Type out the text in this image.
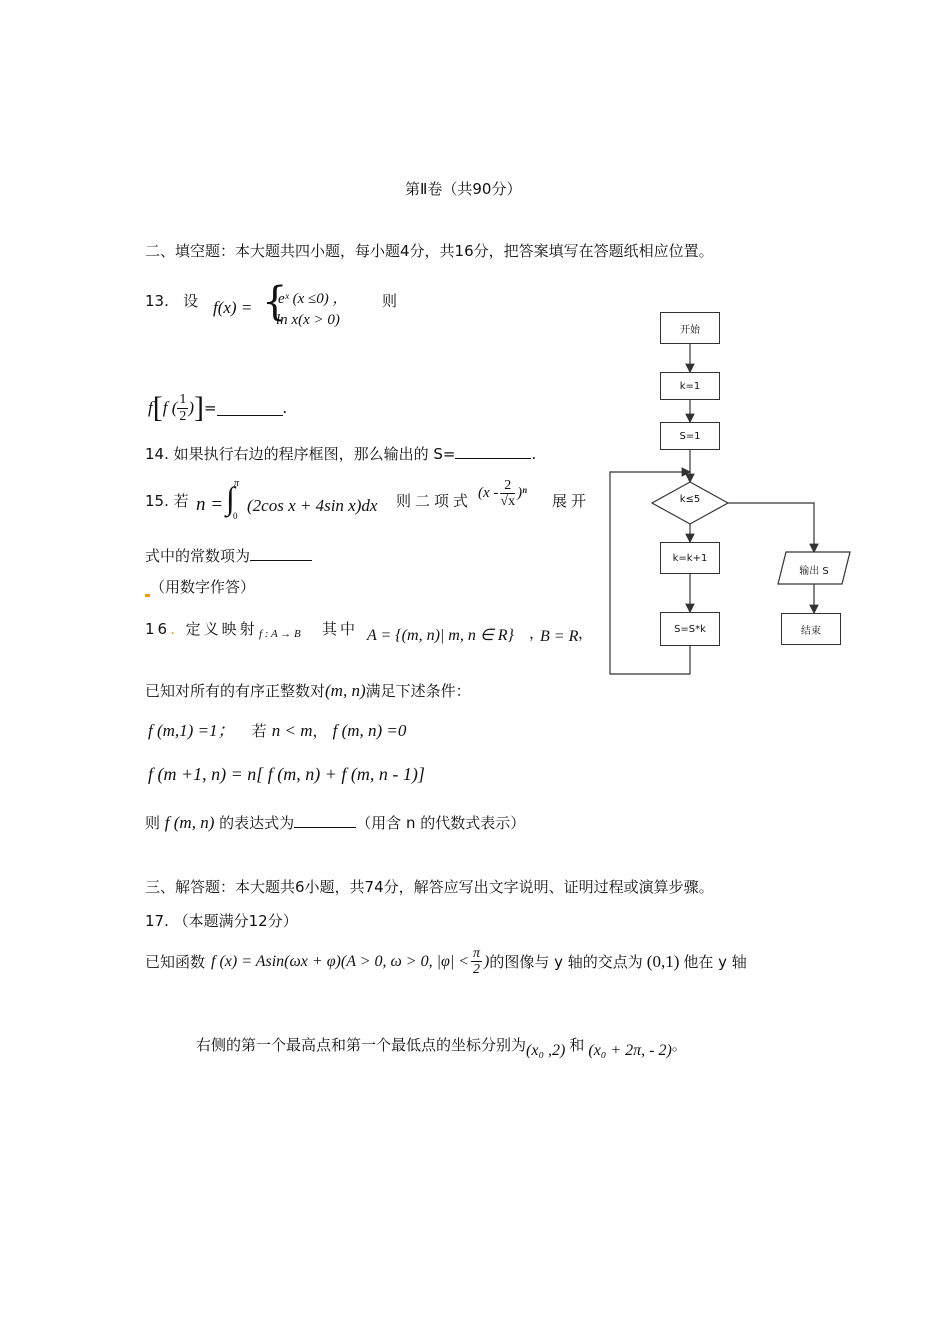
第Ⅱ卷（共90分）
二、填空题：本大题共四小题，每小题4分，共16分，把答案填写在答题纸相应位置。
13. 设 f(x) = {
eˣ (x ≤0) ，
ln x(x > 0)
则
f [ f ( $\frac{1}{2}$ ) ] =	.
14. 如果执行右边的程序框图，那么输出的 S=	.
15. 若 n = ∫ π
0
(2cos x + 4sin x)dx 则二项式 $(x - \frac{2}{√x} )^n$ 展开
式中的常数项为
（用数字作答）
16. 定义映射 f : A → B 其中 A = {(m, n)| m, n ∈ R} ，
B = R ，
已知对所有的有序正整数对(m, n)满足下述条件：
f (m,1) =1； 若 n < m， f (m, n) =0
f (m +1, n) = n[ f (m, n) + f (m, n - 1)]
则 f (m, n) 的表达式为	（用含 n 的代数式表示）
三、解答题：本大题共6小题，共74分，解答应写出文字说明、证明过程或演算步骤。
17. （本题满分12分）
已知函数 f (x) = Asin(ωx + φ)(A > 0, ω > 0, $|\varphi| < \frac{\pi}{2}$ ) 的图像与 y 轴的交点为 (0,1) 他在 y 轴
右侧的第一个最高点和第一个最低点的坐标分别为 (x₀ ,2) 和 (x₀ + 2π, - 2) 。
开始
k=1
S=1
k≤5
k=k+1
S=S*k
输出 S
结束
